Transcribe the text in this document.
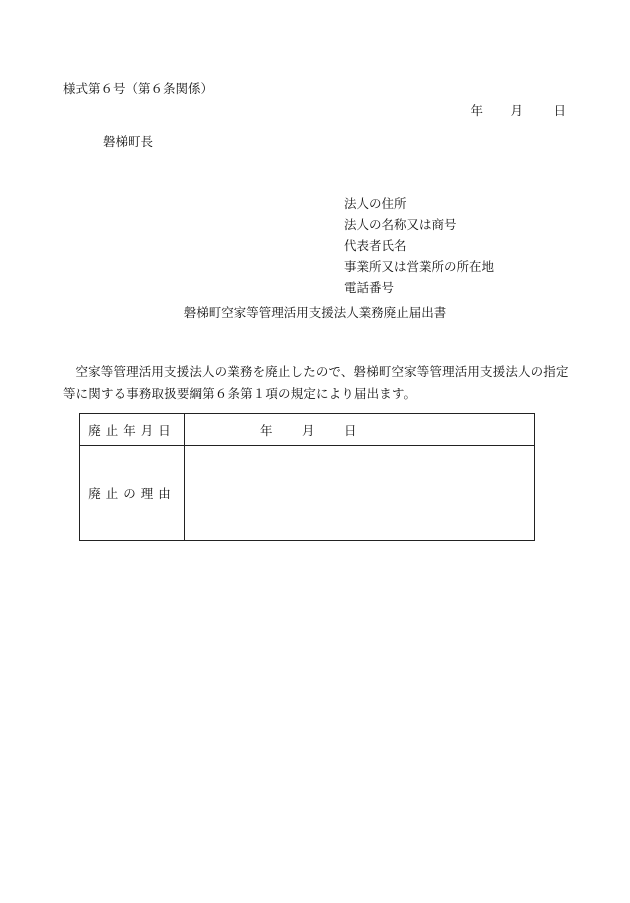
様式第６号（第６条関係）
年	月	日
磐梯町長
法人の住所
法人の名称又は商号
代表者氏名
事業所又は営業所の所在地
電話番号
磐梯町空家等管理活用支援法人業務廃止届出書

空家等管理活用支援法人の業務を廃止したので、磐梯町空家等管理活用支援法人の指定等に関する事務取扱要綱第６条第１項の規定により届出ます。

廃止年月日	年 月 日

廃止の理由	
